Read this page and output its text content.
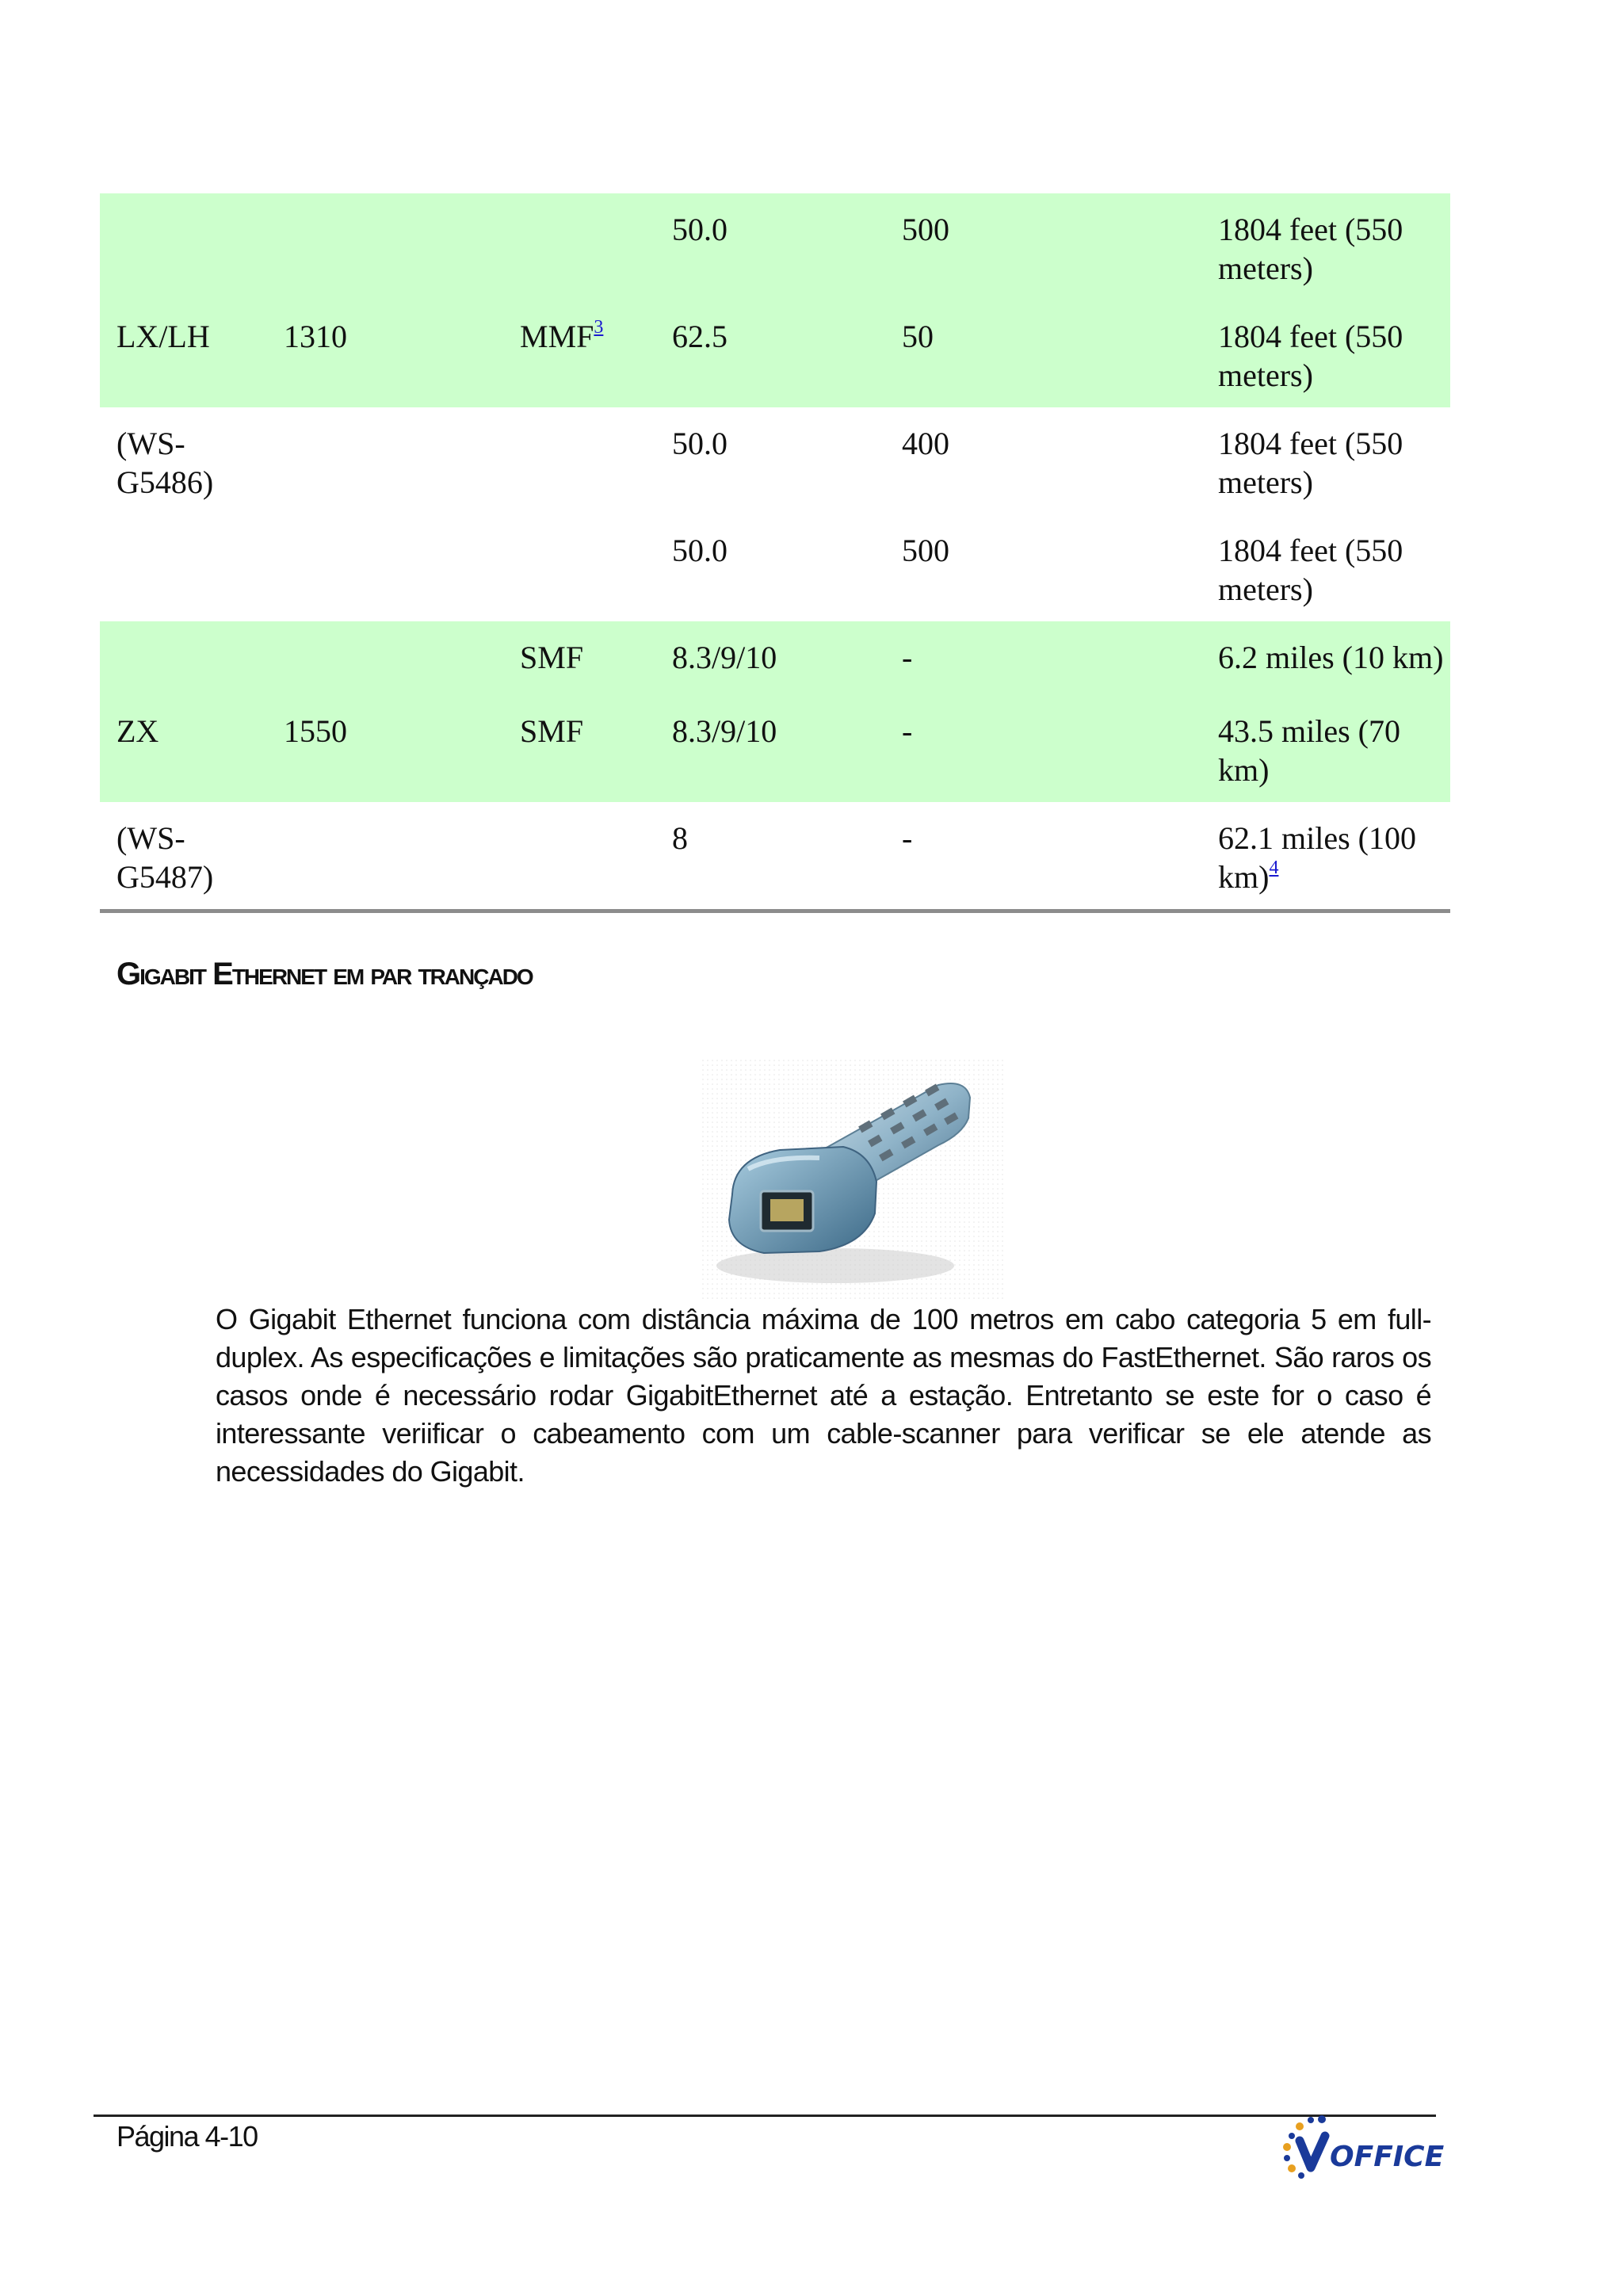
			50.0	500	1804 feet (550 meters)
LX/LH	1310	MMF$^3$	62.5	50	1804 feet (550 meters)
(WS-G5486)			50.0	400	1804 feet (550 meters)
			50.0	500	1804 feet (550 meters)
		SMF	8.3/9/10	-	6.2 miles (10 km)
ZX	1550	SMF	8.3/9/10	-	43.5 miles (70 km)
(WS-G5487)			8	-	62.1 miles (100 km)$^4$
Gigabit Ethernet em par trançado

O Gigabit Ethernet funciona com distância máxima de 100 metros em cabo categoria 5 em full-duplex. As especificações e limitações são praticamente as mesmas do FastEthernet. São raros os casos onde é necessário rodar GigabitEthernet até a estação. Entretanto se este for o caso é interessante veriificar o cabeamento com um cable-scanner para verificar se ele atende as necessidades do Gigabit.

Página 4-10
OFFICE
